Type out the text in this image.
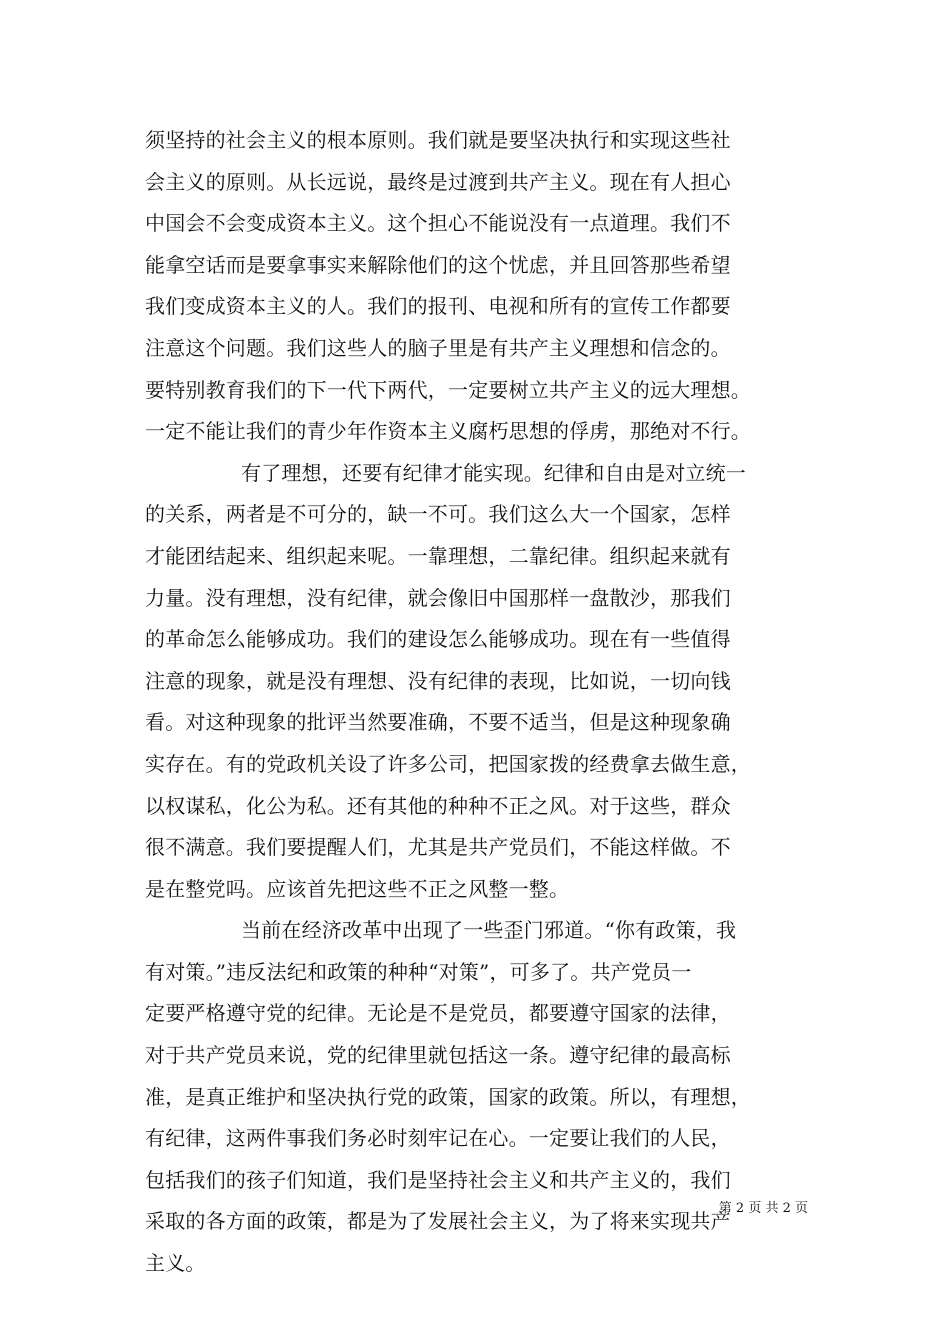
须坚持的社会主义的根本原则。我们就是要坚决执行和实现这些社
会主义的原则。从长远说，最终是过渡到共产主义。现在有人担心
中国会不会变成资本主义。这个担心不能说没有一点道理。我们不
能拿空话而是要拿事实来解除他们的这个忧虑，并且回答那些希望
我们变成资本主义的人。我们的报刊、电视和所有的宣传工作都要
注意这个问题。我们这些人的脑子里是有共产主义理想和信念的。
要特别教育我们的下一代下两代，一定要树立共产主义的远大理想。
一定不能让我们的青少年作资本主义腐朽思想的俘虏，那绝对不行。
有了理想，还要有纪律才能实现。纪律和自由是对立统一
的关系，两者是不可分的，缺一不可。我们这么大一个国家，怎样
才能团结起来、组织起来呢。一靠理想，二靠纪律。组织起来就有
力量。没有理想，没有纪律，就会像旧中国那样一盘散沙，那我们
的革命怎么能够成功。我们的建设怎么能够成功。现在有一些值得
注意的现象，就是没有理想、没有纪律的表现，比如说，一切向钱
看。对这种现象的批评当然要准确，不要不适当，但是这种现象确
实存在。有的党政机关设了许多公司，把国家拨的经费拿去做生意，
以权谋私，化公为私。还有其他的种种不正之风。对于这些，群众
很不满意。我们要提醒人们，尤其是共产党员们，不能这样做。不
是在整党吗。应该首先把这些不正之风整一整。
当前在经济改革中出现了一些歪门邪道。“你有政策，我
有对策。”违反法纪和政策的种种“对策”，可多了。共产党员一
定要严格遵守党的纪律。无论是不是党员，都要遵守国家的法律，
对于共产党员来说，党的纪律里就包括这一条。遵守纪律的最高标
准，是真正维护和坚决执行党的政策，国家的政策。所以，有理想，
有纪律，这两件事我们务必时刻牢记在心。一定要让我们的人民，
包括我们的孩子们知道，我们是坚持社会主义和共产主义的，我们
采取的各方面的政策，都是为了发展社会主义，为了将来实现共产
主义。
第 2 页 共 2 页
